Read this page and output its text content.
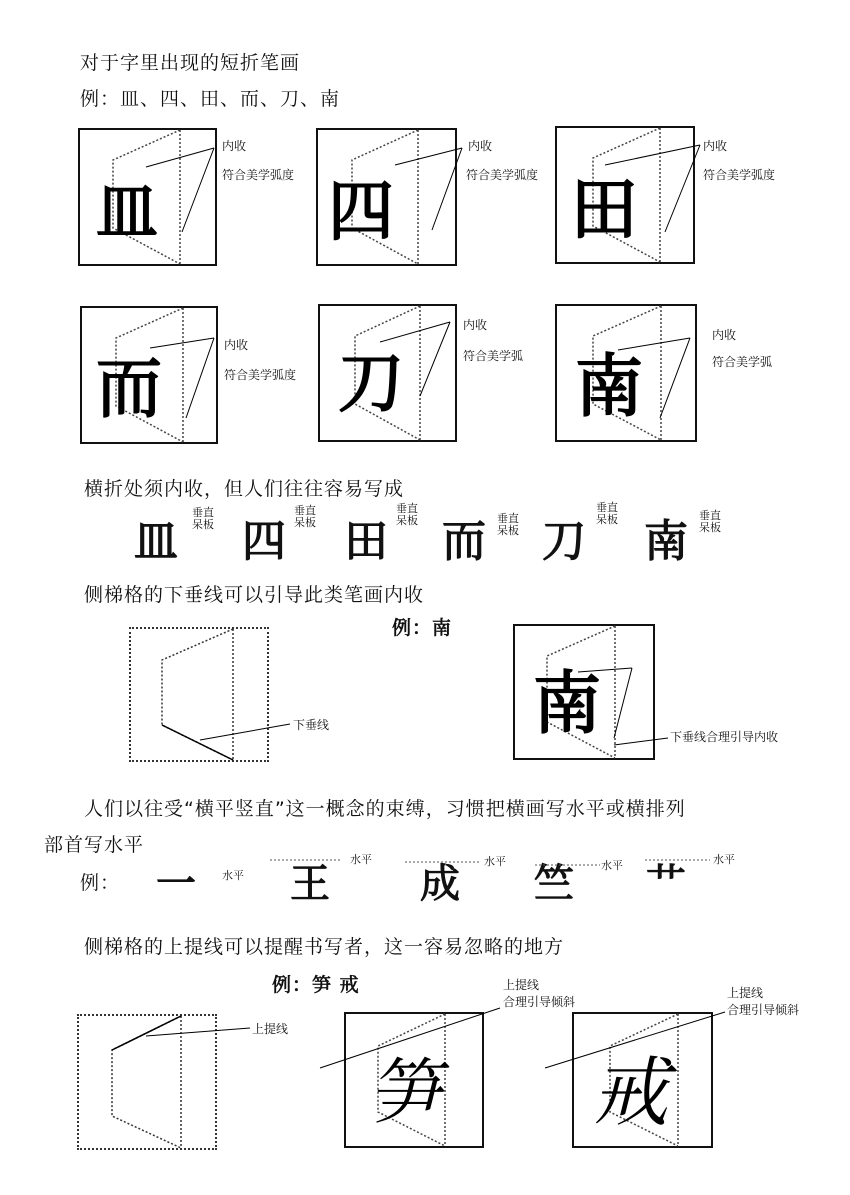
对于字里出现的短折笔画
例：皿、四、田、而、刀、南
皿
内收
符合美学弧度 四
内收
符合美学弧度 田
内收
符合美学弧度
而
内收
符合美学弧度 刀
内收
符合美学弧 南
内收
符合美学弧
横折处须内收，但人们往往容易写成
皿
垂直
呆板 四
垂直
呆板 田
垂直
呆板 而 垂直
呆板 刀
垂直
呆板 南
垂直
呆板
侧梯格的下垂线可以引导此类笔画内收
例：南
下垂线	南	下垂线合理引导内收
人们以往受“横平竖直”这一概念的束缚，习惯把横画写水平或横排列
部首写水平
例： 一 水平 王
水平
成 水平 竺 水平 艹
水平
侧梯格的上提线可以提醒书写者，这一容易忽略的地方
例：笋 戒
上提线
笋
上提线
合理引导倾斜
戒
上提线
合理引导倾斜
